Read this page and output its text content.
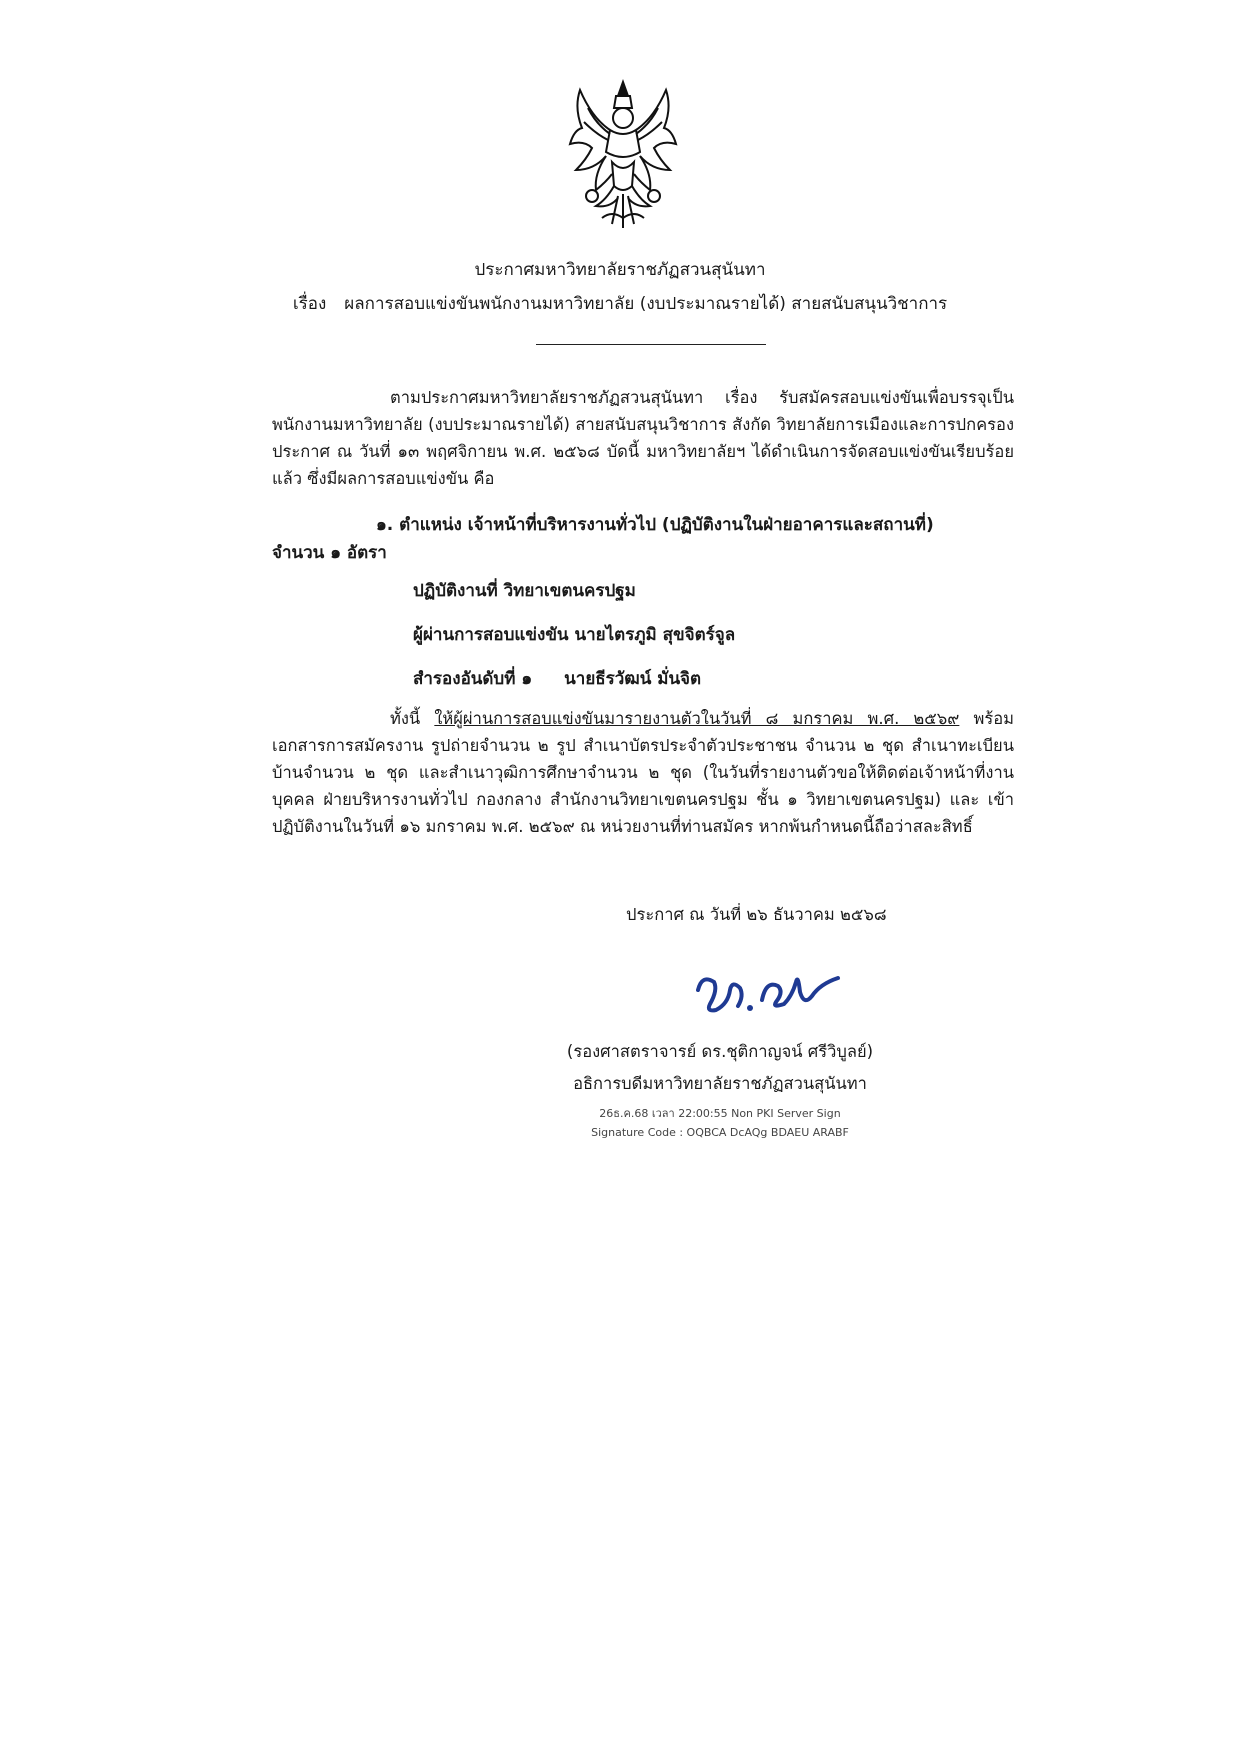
ประกาศมหาวิทยาลัยราชภัฏสวนสุนันทา
เรื่อง ผลการสอบแข่งขันพนักงานมหาวิทยาลัย (งบประมาณรายได้) สายสนับสนุนวิชาการ
ตามประกาศมหาวิทยาลัยราชภัฏสวนสุนันทา เรื่อง รับสมัครสอบแข่งขันเพื่อบรรจุเป็นพนักงานมหาวิทยาลัย (งบประมาณรายได้) สายสนับสนุนวิชาการ สังกัด วิทยาลัยการเมืองและการปกครอง ประกาศ ณ วันที่ ๑๓ พฤศจิกายน พ.ศ. ๒๕๖๘ บัดนี้ มหาวิทยาลัยฯ ได้ดำเนินการจัดสอบแข่งขันเรียบร้อยแล้ว ซึ่งมีผลการสอบแข่งขัน คือ
๑. ตำแหน่ง เจ้าหน้าที่บริหารงานทั่วไป (ปฏิบัติงานในฝ่ายอาคารและสถานที่)
จำนวน ๑ อัตรา
ปฏิบัติงานที่ วิทยาเขตนครปฐม
ผู้ผ่านการสอบแข่งขัน นายไตรภูมิ สุขจิตร์จูล
สำรองอันดับที่ ๑ นายธีรวัฒน์ มั่นจิต
ทั้งนี้ ให้ผู้ผ่านการสอบแข่งขันมารายงานตัวในวันที่ ๘ มกราคม พ.ศ. ๒๕๖๙ พร้อมเอกสารการสมัครงาน รูปถ่ายจำนวน ๒ รูป สำเนาบัตรประจำตัวประชาชน จำนวน ๒ ชุด สำเนาทะเบียนบ้านจำนวน ๒ ชุด และสำเนาวุฒิการศึกษาจำนวน ๒ ชุด (ในวันที่รายงานตัวขอให้ติดต่อเจ้าหน้าที่งานบุคคล ฝ่ายบริหารงานทั่วไป กองกลาง สำนักงานวิทยาเขตนครปฐม ชั้น ๑ วิทยาเขตนครปฐม) และ เข้าปฏิบัติงานในวันที่ ๑๖ มกราคม พ.ศ. ๒๕๖๙ ณ หน่วยงานที่ท่านสมัคร หากพ้นกำหนดนี้ถือว่าสละสิทธิ์
ประกาศ ณ วันที่ ๒๖ ธันวาคม ๒๕๖๘
(รองศาสตราจารย์ ดร.ชุติกาญจน์ ศรีวิบูลย์)
อธิการบดีมหาวิทยาลัยราชภัฏสวนสุนันทา
26ธ.ค.68 เวลา 22:00:55 Non PKI Server Sign
Signature Code : OQBCA DcAQg BDAEU ARABF
